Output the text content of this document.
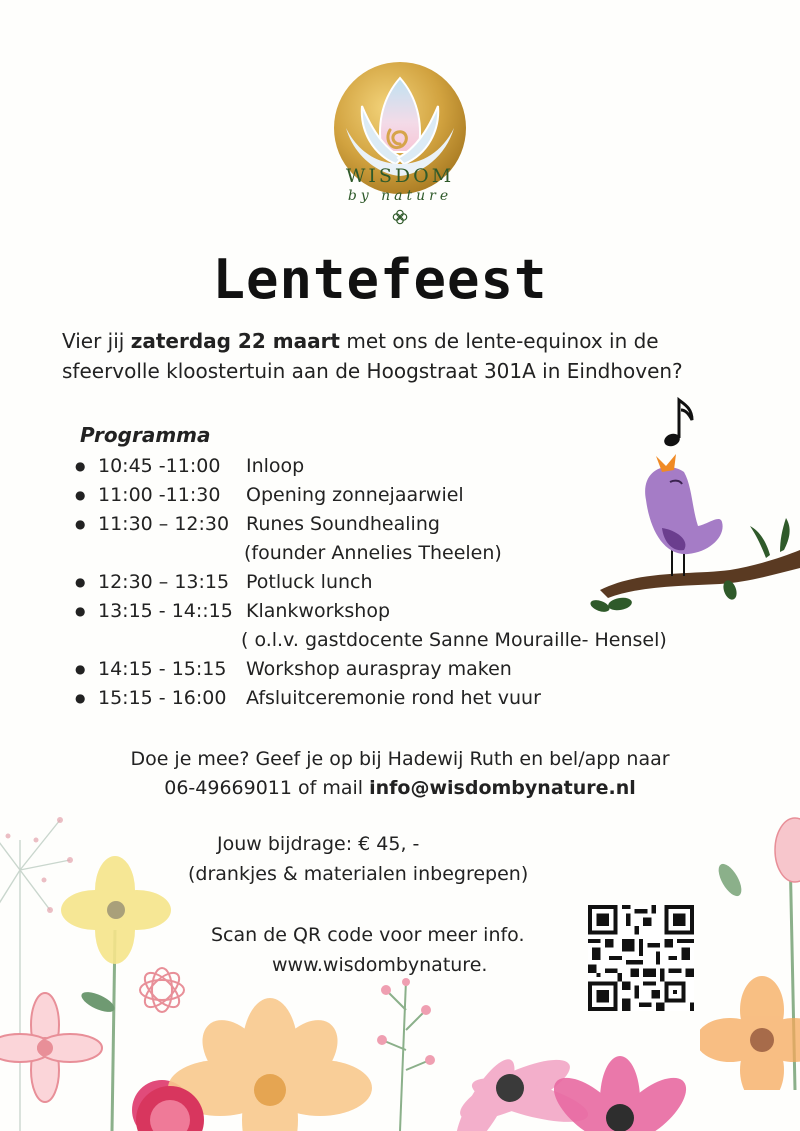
WISDOM
by nature
Lentefeest
Vier jij zaterdag 22 maart met ons de lente-equinox in de sfeervolle kloostertuin aan de Hoogstraat 301A in Eindhoven?
Programma
● 10:45 -11:00	Inloop
● 11:00 -11:30	Opening zonnejaarwiel
● 11:30 – 12:30 Runes Soundhealing
(founder Annelies Theelen)
● 12:30 – 13:15 Potluck lunch
● 13:15 - 14::15 Klankworkshop
( o.l.v. gastdocente Sanne Mouraille- Hensel)
● 14:15 - 15:15	Workshop auraspray maken
● 15:15 - 16:00	Afsluitceremonie rond het vuur
Doe je mee? Geef je op bij Hadewij Ruth en bel/app naar
06-49669011 of mail info@wisdombynature.nl
Jouw bijdrage: € 45, -
(drankjes & materialen inbegrepen)
Scan de QR code voor meer info.
www.wisdombynature.
